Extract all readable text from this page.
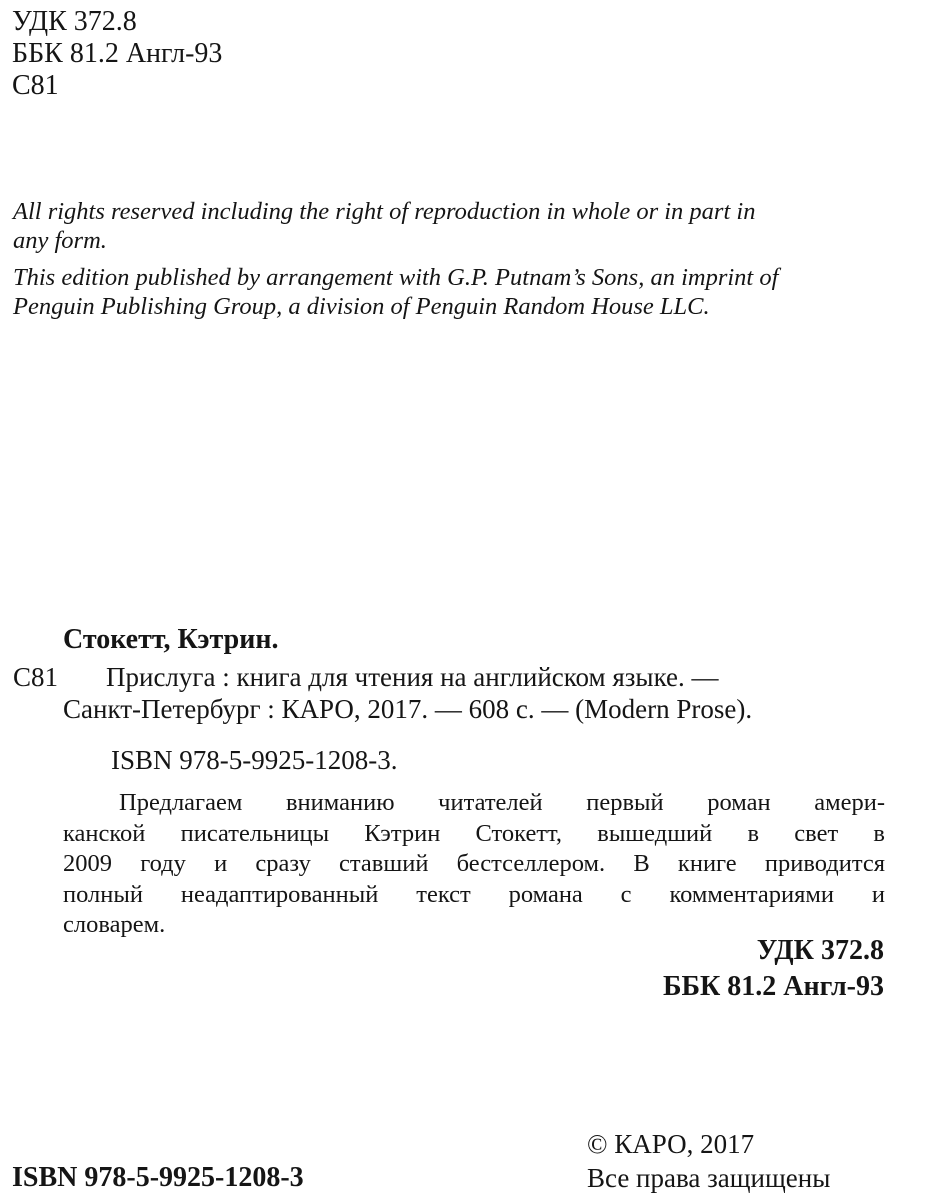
УДК 372.8
ББК 81.2 Англ-93
С81
All rights reserved including the right of reproduction in whole or in part in
any form.
This edition published by arrangement with G.P. Putnam’s Sons, an imprint of
Penguin Publishing Group, a division of Penguin Random House LLC.
Стокетт, Кэтрин.
С81 Прислуга : книга для чтения на английском языке. —
Санкт-Петербург : КАРО, 2017. — 608 с. — (Modern Prose).
ISBN 978-5-9925-1208-3.
Предлагаем вниманию читателей первый роман амери-
канской писательницы Кэтрин Стокетт, вышедший в свет в
2009 году и сразу ставший бестселлером. В книге приводится
полный неадаптированный текст романа с комментариями и
словарем.
УДК 372.8
ББК 81.2 Англ-93
ISBN 978-5-9925-1208-3
© КАРО, 2017
Все права защищены
